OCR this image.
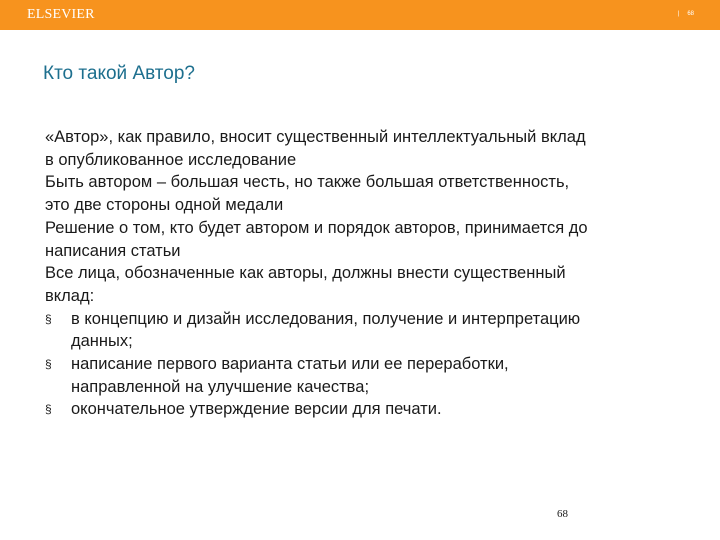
ELSEVIER	| 68
Кто такой Автор?

«Автор», как правило, вносит существенный интеллектуальный вклад

в опубликованное исследование

Быть автором – большая честь, но также большая ответственность,

это две стороны одной медали

Решение о том, кто будет автором и порядок авторов, принимается до

написания статьи

Все лица, обозначенные как авторы, должны внести существенный

вклад:

§ в концепцию и дизайн исследования, получение и интерпретацию

данных;

§ написание первого варианта статьи или ее переработки,

направленной на улучшение качества;

§ окончательное утверждение версии для печати.

68
